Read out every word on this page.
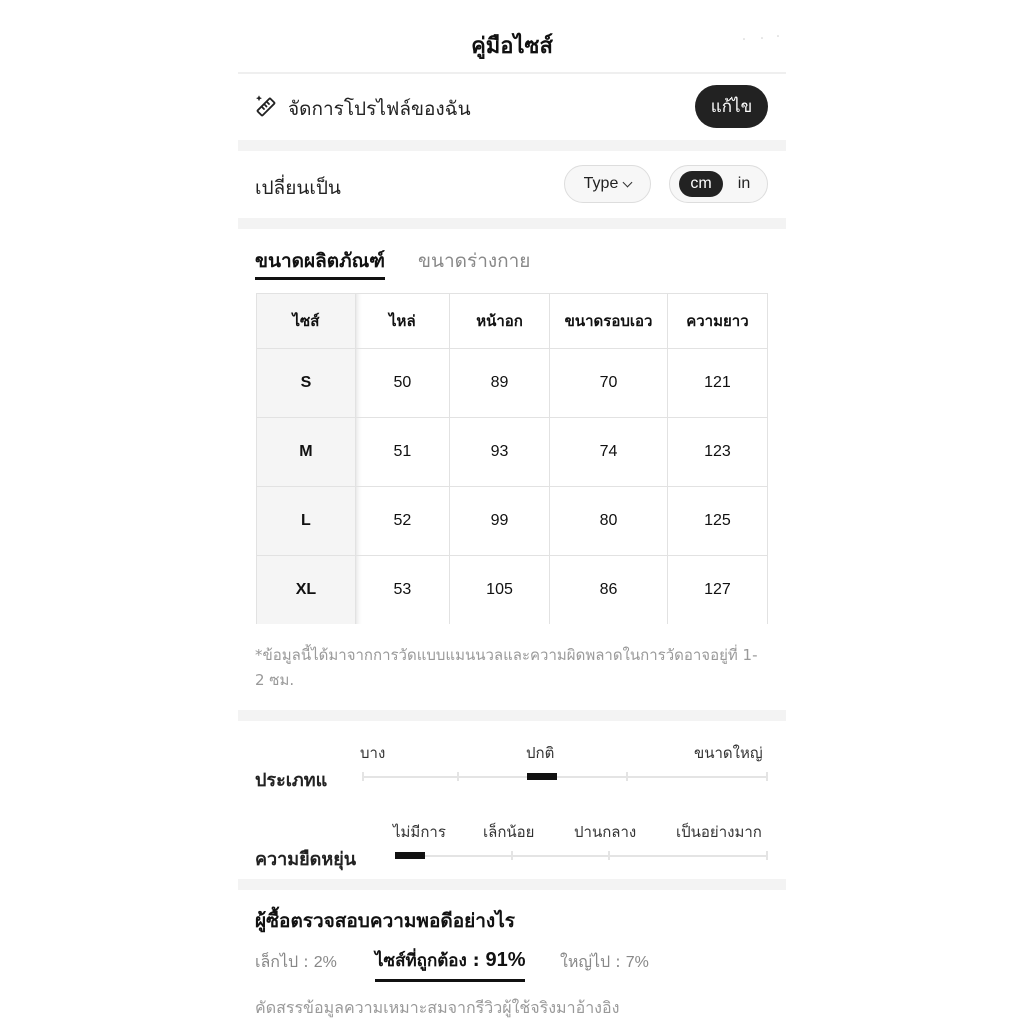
คู่มือไซส์
จัดการโปรไฟล์ของฉัน	แก้ไข
เปลี่ยนเป็น	Type	cm	in
ขนาดผลิตภัณฑ์ ขนาดร่างกาย
ไซส์	ไหล่	หน้าอก	ขนาดรอบเอว	ความยาว
S	50	89	70	121
M	51	93	74	123
L	52	99	80	125
XL	53	105	86	127
*ข้อมูลนี้ได้มาจากการวัดแบบแมนนวลและความผิดพลาดในการวัดอาจอยู่ที่ 1-2 ซม.
บาง	ปกติ	ขนาดใหญ่
ประเภทแ
ไม่มีการ เล็กน้อย	ปานกลาง	เป็นอย่างมาก
ความยืดหยุ่น
ผู้ซื้อตรวจสอบความพอดีอย่างไร
เล็กไป : 2% ไซส์ที่ถูกต้อง : 91% ใหญ่ไป : 7%
คัดสรรข้อมูลความเหมาะสมจากรีวิวผู้ใช้จริงมาอ้างอิง
